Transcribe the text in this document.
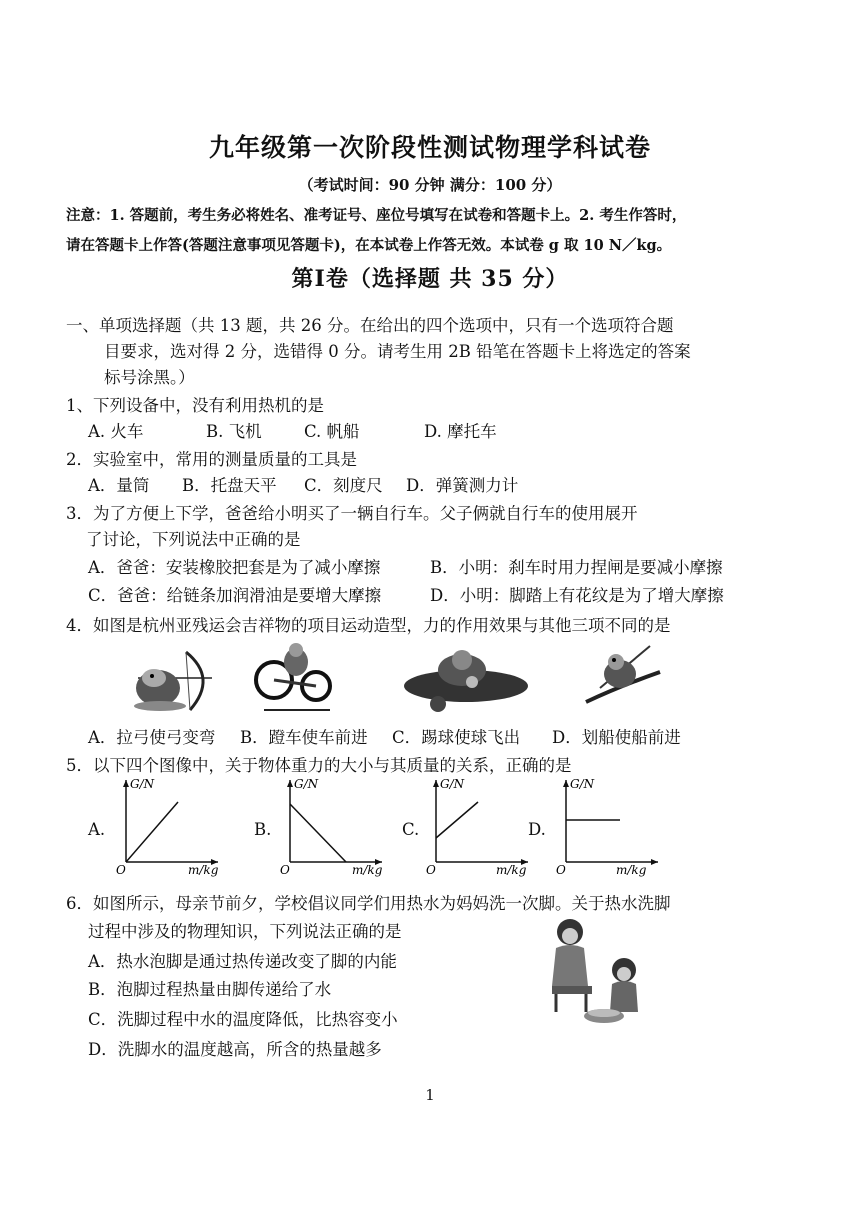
九年级第一次阶段性测试物理学科试卷
（考试时间：90 分钟 满分：100 分）
注意：1. 答题前，考生务必将姓名、准考证号、座位号填写在试卷和答题卡上。2. 考生作答时，
请在答题卡上作答(答题注意事项见答题卡)，在本试卷上作答无效。本试卷 g 取 10 N／kg。
第Ⅰ卷（选择题 共 35 分）
一、单项选择题（共 13 题，共 26 分。在给出的四个选项中，只有一个选项符合题
目要求，选对得 2 分，选错得 0 分。请考生用 2B 铅笔在答题卡上将选定的答案
标号涂黑。）
1、下列设备中，没有利用热机的是
A. 火车	B. 飞机	C. 帆船	D. 摩托车
2．实验室中，常用的测量质量的工具是
A．量筒 B．托盘天平 C．刻度尺 D．弹簧测力计
3．为了方便上下学，爸爸给小明买了一辆自行车。父子俩就自行车的使用展开
了讨论，下列说法中正确的是
A．爸爸：安装橡胶把套是为了减小摩擦	B．小明：刹车时用力捏闸是要减小摩擦
C．爸爸：给链条加润滑油是要增大摩擦	D．小明：脚踏上有花纹是为了增大摩擦
4．如图是杭州亚残运会吉祥物的项目运动造型，力的作用效果与其他三项不同的是
A．拉弓使弓变弯 B．蹬车使车前进 C．踢球使球飞出 D．划船使船前进
5．以下四个图像中，关于物体重力的大小与其质量的关系，正确的是
A.
G/N
m/kg
O
B.
G/N
m/kg
O
C.
G/N
m/kg
O
D.
G/N
m/kg
O
6．如图所示，母亲节前夕，学校倡议同学们用热水为妈妈洗一次脚。关于热水洗脚
过程中涉及的物理知识，下列说法正确的是
A．热水泡脚是通过热传递改变了脚的内能
B．泡脚过程热量由脚传递给了水
C．洗脚过程中水的温度降低，比热容变小
D．洗脚水的温度越高，所含的热量越多
1
